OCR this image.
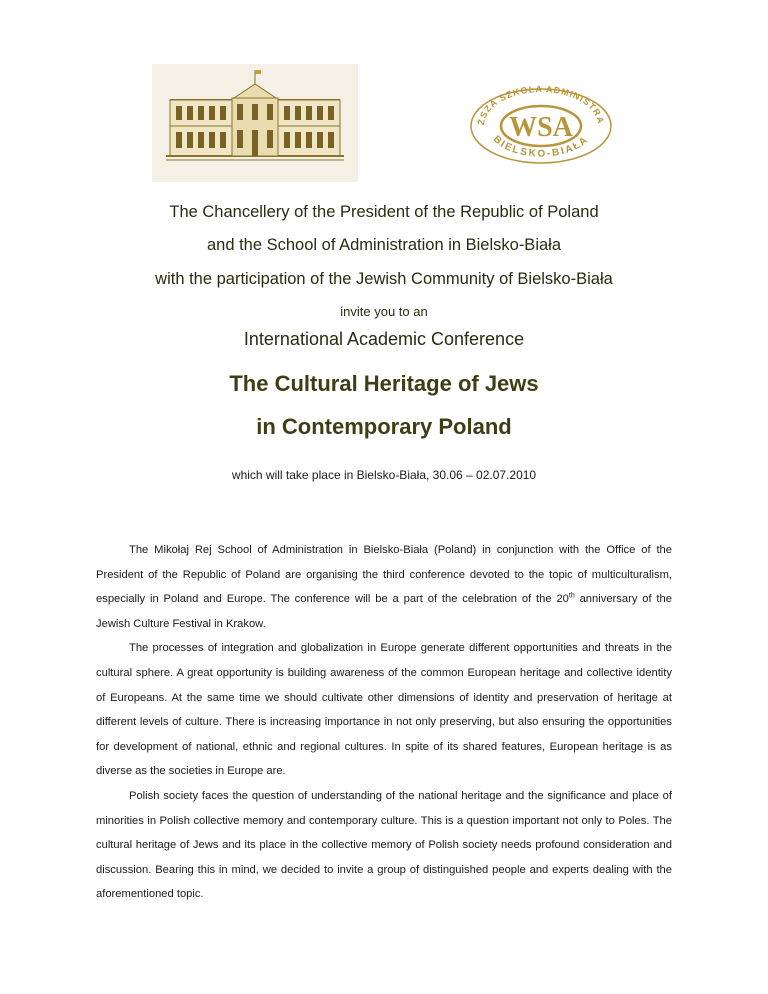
ŻSZA SZKOŁA ADMINISTRA
WSA
BIELSKO-BIAŁA
The Chancellery of the President of the Republic of Poland
and the School of Administration in Bielsko-Biała
with the participation of the Jewish Community of Bielsko-Biała
invite you to an
International Academic Conference
The Cultural Heritage of Jews
in Contemporary Poland
which will take place in Bielsko-Biała, 30.06 – 02.07.2010

The Mikołaj Rej School of Administration in Bielsko-Biała (Poland) in conjunction with the Office of the President of the Republic of Poland are organising the third conference devoted to the topic of multiculturalism, especially in Poland and Europe. The conference will be a part of the celebration of the 20th anniversary of the Jewish Culture Festival in Krakow.

The processes of integration and globalization in Europe generate different opportunities and threats in the cultural sphere. A great opportunity is building awareness of the common European heritage and collective identity of Europeans. At the same time we should cultivate other dimensions of identity and preservation of heritage at different levels of culture. There is increasing importance in not only preserving, but also ensuring the opportunities for development of national, ethnic and regional cultures. In spite of its shared features, European heritage is as diverse as the societies in Europe are.

Polish society faces the question of understanding of the national heritage and the significance and place of minorities in Polish collective memory and contemporary culture. This is a question important not only to Poles. The cultural heritage of Jews and its place in the collective memory of Polish society needs profound consideration and discussion. Bearing this in mind, we decided to invite a group of distinguished people and experts dealing with the aforementioned topic.
